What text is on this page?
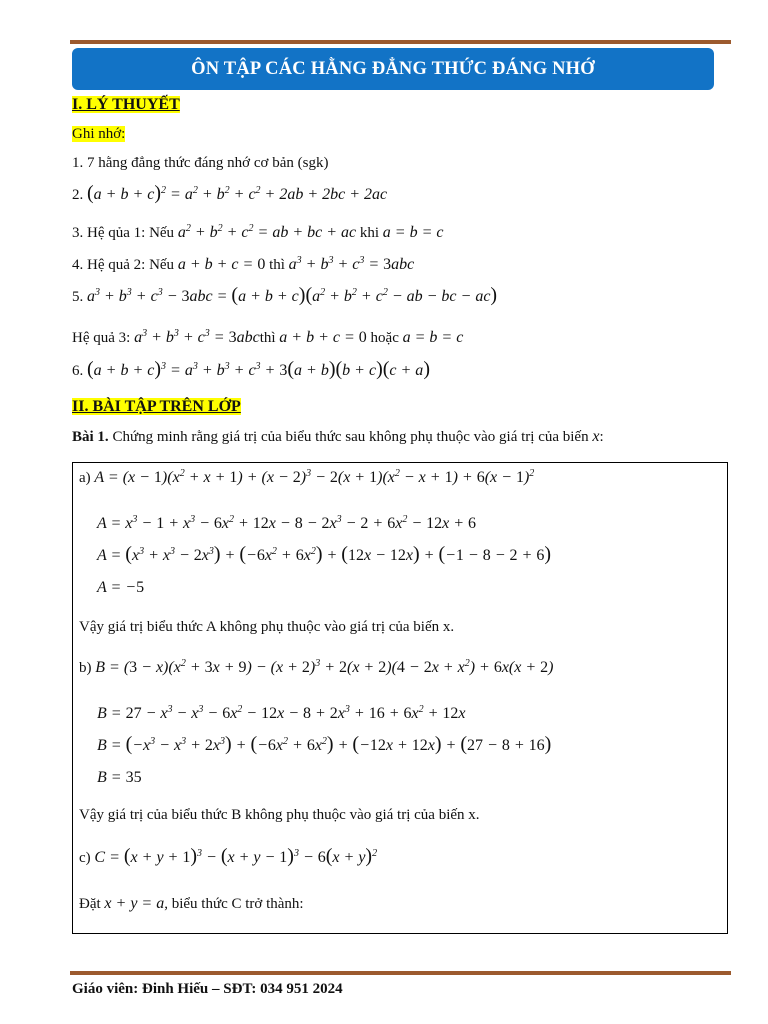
ÔN TẬP CÁC HẰNG ĐẲNG THỨC ĐÁNG NHỚ
I. LÝ THUYẾT
Ghi nhớ:
1. 7 hằng đẳng thức đáng nhớ cơ bản (sgk)
2. $(a + b + c)^2 = a^2 + b^2 + c^2 + 2ab + 2bc + 2ac$
3. Hệ qủa 1: Nếu $a^2 + b^2 + c^2$ = ab + bc + ac khi a = b = c
4. Hệ quả 2: Nếu a + b + c = 0 thì $a^3 + b^3 + c^3 = 3abc$
5. $a^3 + b^3 + c^3 - 3abc = (a + b + c)(a^2 + b^2 + c^2$ − ab − bc − ac)
Hệ quả 3: $a^3 + b^3 + c^3$ = 3abcthì a + b + c = 0 hoặc a = b = c
6. $(a + b + c)^3 = a^3 + b^3 + c^3 + 3(a + b)(b + c)(c + a)$
II. BÀI TẬP TRÊN LỚP
Bài 1. Chứng minh rằng giá trị của biểu thức sau không phụ thuộc vào giá trị của biến x:
a) $A = (x - 1)(x^2 + x + 1) + (x - 2)^3 - 2(x + 1)(x^2 - x + 1) + 6(x - 1)^2$
$A = x^3 - 1 + x^3 - 6x^2 + 12x - 8 - 2x^3 - 2 + 6x^2 - 12x + 6$
$A = (x^3 + x^3 - 2x^3) + (-6x^2 + 6x^2) + (12x - 12x) + (-1 - 8 - 2 + 6)$
A = −5
Vậy giá trị biểu thức A không phụ thuộc vào giá trị của biến x.
b) $B = (3 - x)(x^2 + 3x + 9) - (x + 2)^3 + 2(x + 2)(4 - 2x + x^2) + 6x(x + 2)$
$B = 27 - x^3 - x^3 - 6x^2 - 12x - 8 + 2x^3 + 16 + 6x^2 + 12x$
$B = (-x^3 - x^3 + 2x^3) + (-6x^2 + 6x^2) + (-12x + 12x) + (27 - 8 + 16)$
B = 35
Vậy giá trị của biểu thức B không phụ thuộc vào giá trị của biến x.
c) $C = (x + y + 1)^3 - (x + y - 1)^3 - 6(x + y)^2$
Đặt x + y = a, biểu thức C trở thành:
Giáo viên: Đinh Hiếu – SĐT: 034 951 2024
